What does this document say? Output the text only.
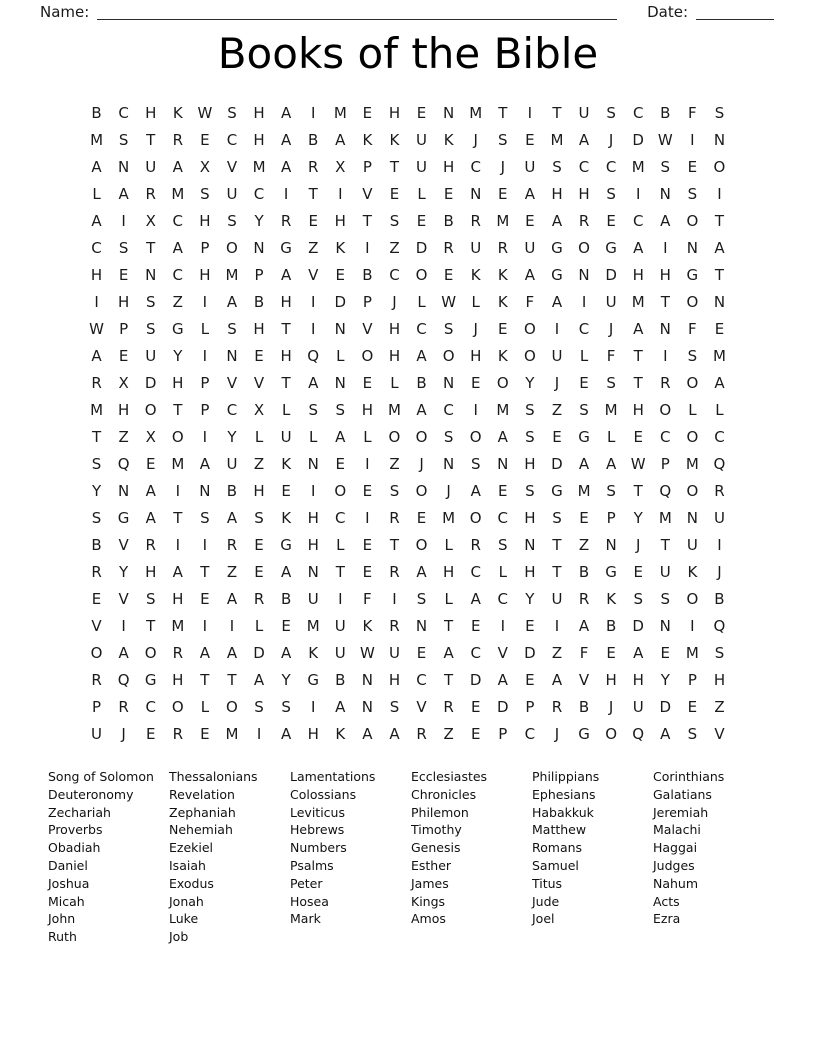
Name:	Date:
Books of the Bible
B	C	H	K W S	H	A	I	M	E	H	E	N M	T	I	T	U	S	C	B	F	S
M	S	T	R	E	C	H	A	B	A	K	K	U	K	J	S	E	M	A	J	D W	I	N
A	N	U	A	X	V	M	A	R	X	P	T	U	H	C	J	U	S	C	C	M	S	E	O
L	A	R	M	S	U	C	I	T	I	V	E	L	E	N	E	A	H	H	S	I	N	S	I
A	I	X	C	H	S	Y	R	E	H	T	S	E	B	R	M	E	A	R	E	C	A	O	T
C	S	T	A	P	O	N	G	Z	K	I	Z	D	R	U	R	U	G	O	G	A	I	N	A
H	E	N	C	H M	P	A	V	E	B	C	O	E	K	K	A	G	N	D	H	H	G	T
I	H	S	Z	I	A	B	H	I	D	P	J	L	W	L	K	F	A	I	U	M	T	O	N
W	P	S	G	L	S	H	T	I	N	V	H	C	S	J	E	O	I	C	J	A	N	F	E
A	E	U	Y	I	N	E	H	Q	L	O	H	A	O	H	K	O	U	L	F	T	I	S	M
R	X	D	H	P	V	V	T	A	N	E	L	B	N	E	O	Y	J	E	S	T	R	O	A
M H	O	T	P	C	X	L	S	S	H M	A	C	I	M	S	Z	S	M H	O	L	L
T	Z	X	O	I	Y	L	U	L	A	L	O	O	S	O	A	S	E	G	L	E	C	O	C
S	Q	E	M	A	U	Z	K	N	E	I	Z	J	N	S	N	H	D	A	A W	P	M Q
Y	N	A	I	N	B	H	E	I	O	E	S	O	J	A	E	S	G M	S	T	Q	O	R
S	G	A	T	S	A	S	K	H	C	I	R	E	M O	C	H	S	E	P	Y	M N	U
B	V	R	I	I	R	E	G	H	L	E	T	O	L	R	S	N	T	Z	N	J	T	U	I
R	Y	H	A	T	Z	E	A	N	T	E	R	A	H	C	L	H	T	B	G	E	U	K	J
E	V	S	H	E	A	R	B	U	I	F	I	S	L	A	C	Y	U	R	K	S	S	O	B
V	I	T	M	I	I	L	E	M	U	K	R	N	T	E	I	E	I	A	B	D	N	I	Q
O	A	O	R	A	A	D	A	K	U W U	E	A	C	V	D	Z	F	E	A	E	M	S
R	Q	G	H	T	T	A	Y	G	B	N	H	C	T	D	A	E	A	V	H	H	Y	P	H
P	R	C	O	L	O	S	S	I	A	N	S	V	R	E	D	P	R	B	J	U	D	E	Z
U	J	E	R	E	M	I	A	H	K	A	A	R	Z	E	P	C	J	G	O	Q	A	S	V
Song of Solomon
Deuteronomy
Zechariah
Proverbs
Obadiah
Daniel
Joshua
Micah
John
Ruth
Thessalonians
Revelation
Zephaniah
Nehemiah
Ezekiel
Isaiah
Exodus
Jonah
Luke
Job
Lamentations
Colossians
Leviticus
Hebrews
Numbers
Psalms
Peter
Hosea
Mark
Ecclesiastes
Chronicles
Philemon
Timothy
Genesis
Esther
James
Kings
Amos
Philippians
Ephesians
Habakkuk
Matthew
Romans
Samuel
Titus
Jude
Joel
Corinthians
Galatians
Jeremiah
Malachi
Haggai
Judges
Nahum
Acts
Ezra
